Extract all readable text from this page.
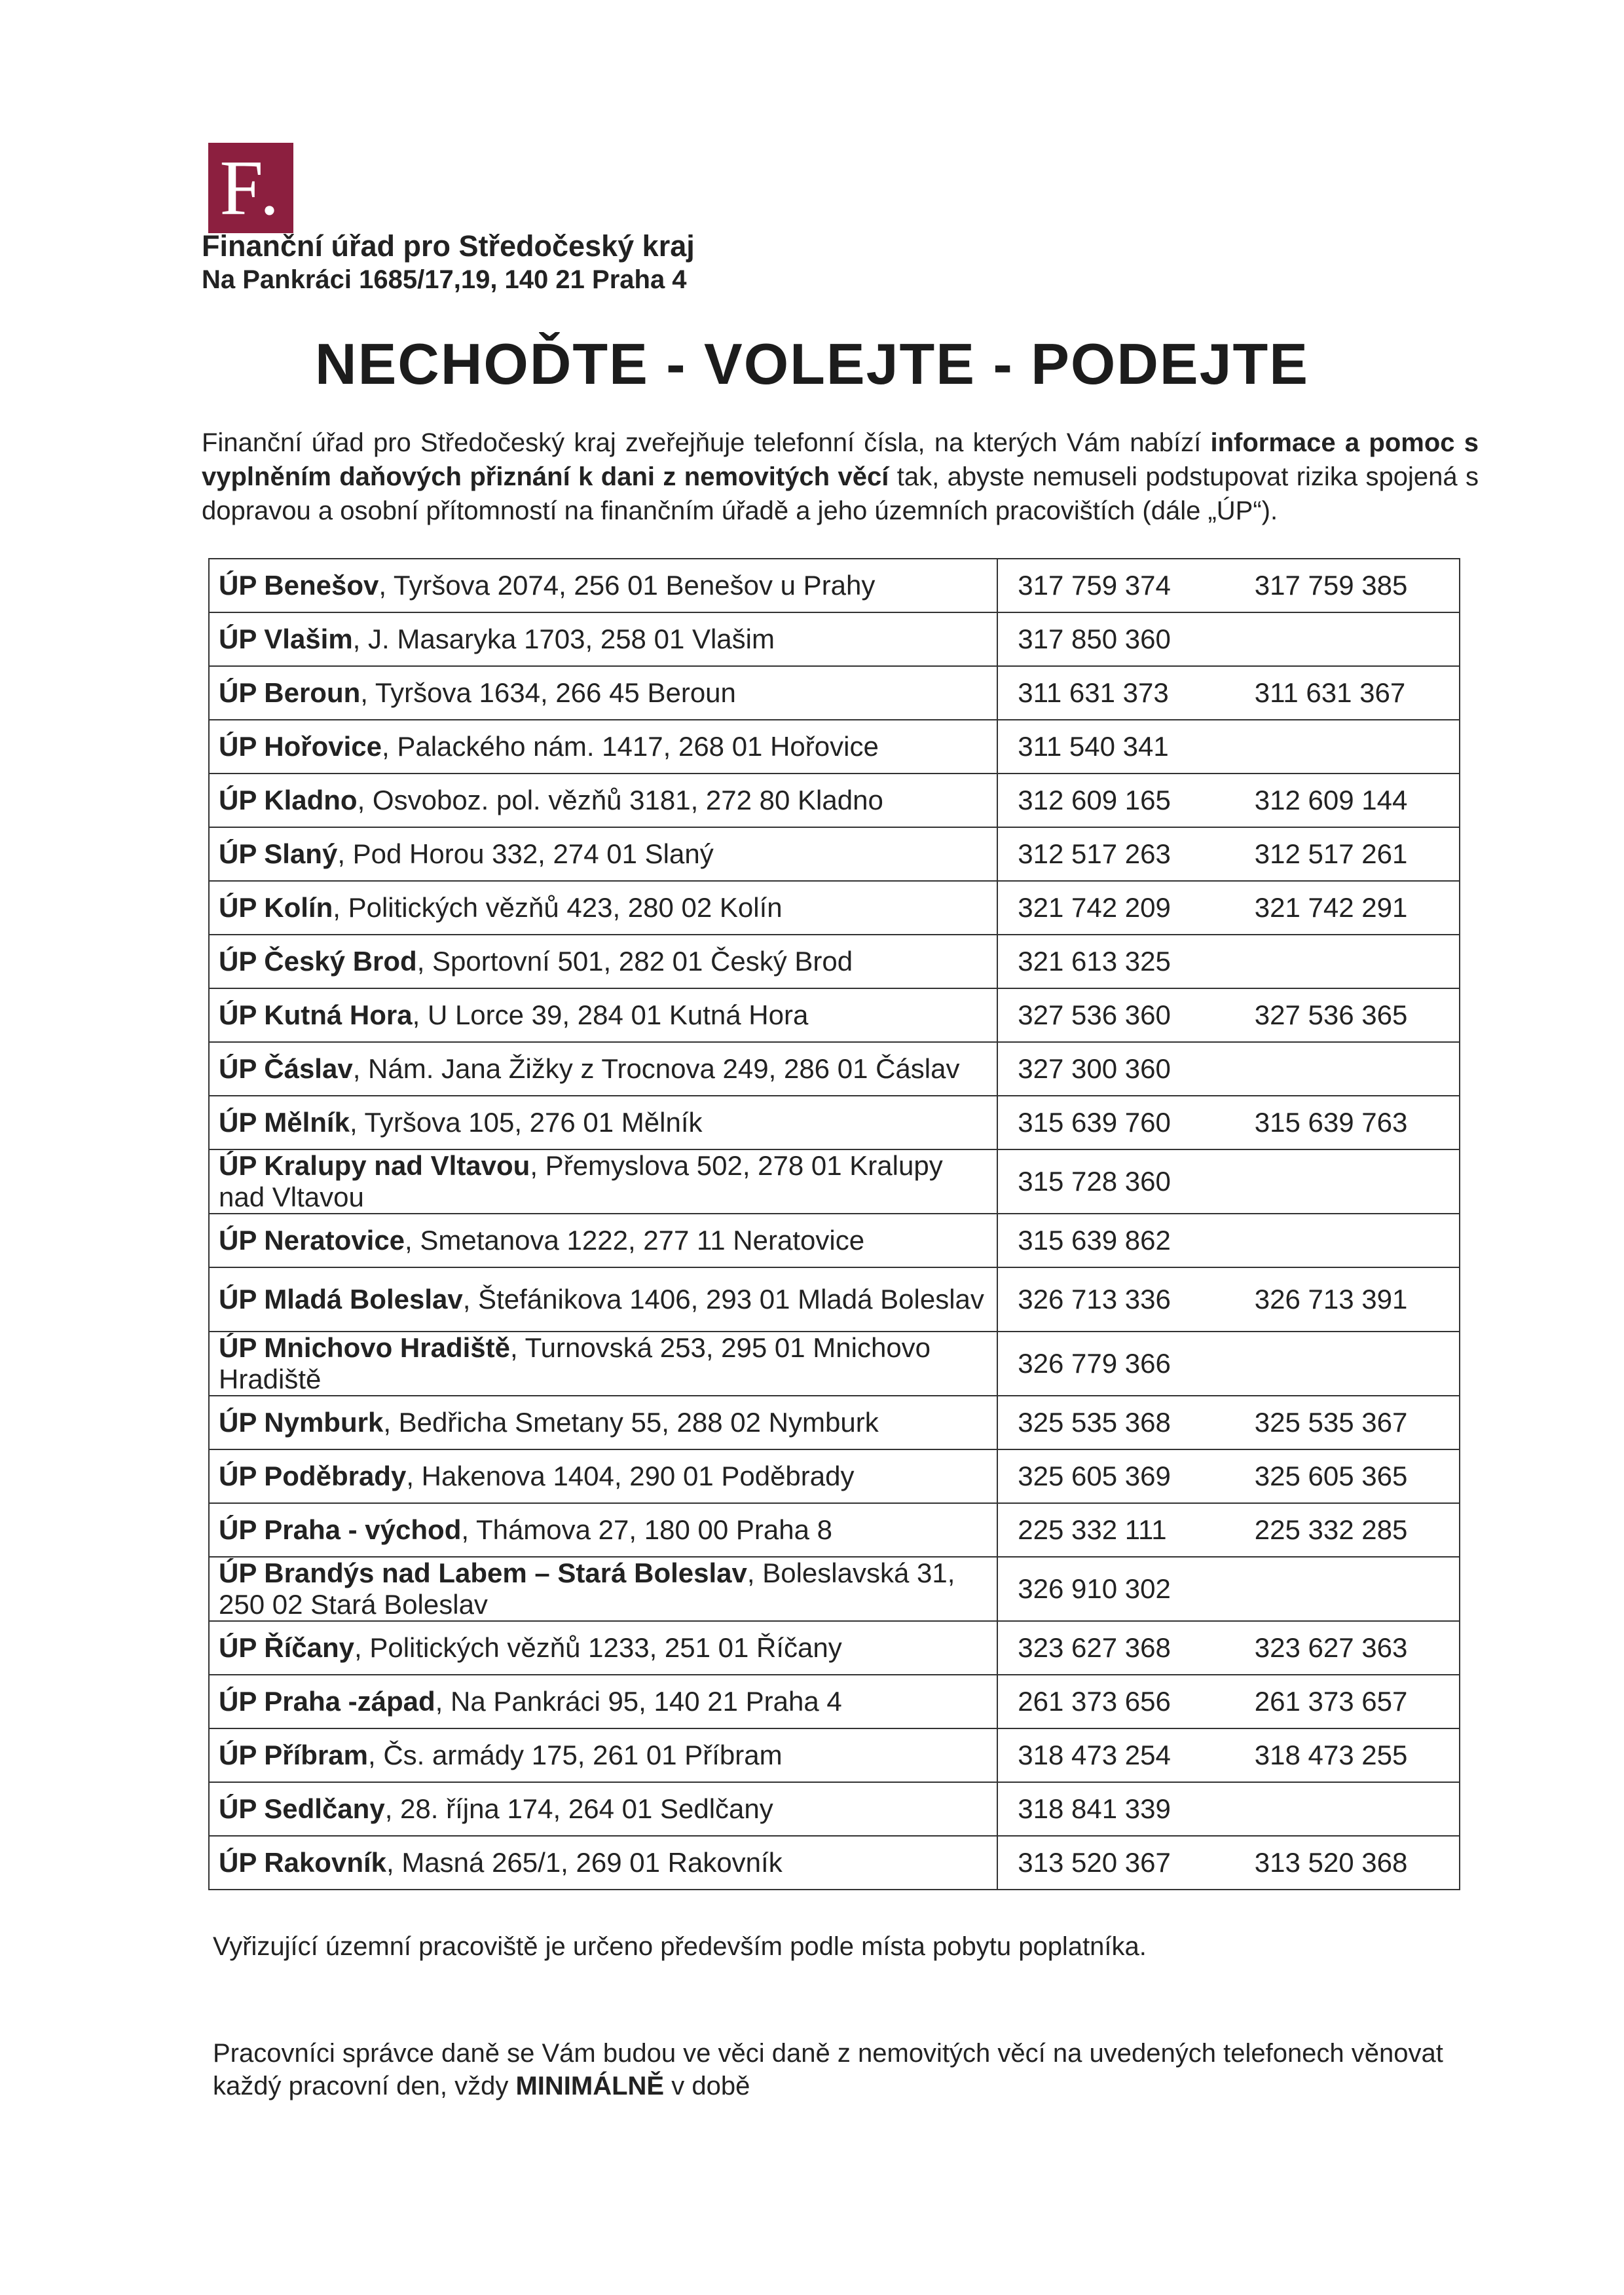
F.
Finanční úřad pro Středočeský kraj
Na Pankráci 1685/17,19, 140 21 Praha 4
NECHOĎTE - VOLEJTE - PODEJTE
Finanční úřad pro Středočeský kraj zveřejňuje telefonní čísla, na kterých Vám nabízí informace a pomoc s vyplněním daňových přiznání k dani z nemovitých věcí tak, abyste nemuseli podstupovat rizika spojená s dopravou a osobní přítomností na finančním úřadě a jeho územních pracovištích (dále „ÚP“).
ÚP Benešov, Tyršova 2074, 256 01 Benešov u Prahy	317 759 374	317 759 385
ÚP Vlašim, J. Masaryka 1703, 258 01 Vlašim	317 850 360	
ÚP Beroun, Tyršova 1634, 266 45 Beroun	311 631 373	311 631 367
ÚP Hořovice, Palackého nám. 1417, 268 01 Hořovice	311 540 341	
ÚP Kladno, Osvoboz. pol. vězňů 3181, 272 80 Kladno	312 609 165	312 609 144
ÚP Slaný, Pod Horou 332, 274 01 Slaný	312 517 263	312 517 261
ÚP Kolín, Politických vězňů 423, 280 02 Kolín	321 742 209	321 742 291
ÚP Český Brod, Sportovní 501, 282 01 Český Brod	321 613 325	
ÚP Kutná Hora, U Lorce 39, 284 01 Kutná Hora	327 536 360	327 536 365
ÚP Čáslav, Nám. Jana Žižky z Trocnova 249, 286 01 Čáslav	327 300 360	
ÚP Mělník, Tyršova 105, 276 01 Mělník	315 639 760	315 639 763
ÚP Kralupy nad Vltavou, Přemyslova 502, 278 01 Kralupy nad Vltavou	315 728 360	
ÚP Neratovice, Smetanova 1222, 277 11 Neratovice	315 639 862	
ÚP Mladá Boleslav, Štefánikova 1406, 293 01 Mladá Boleslav	326 713 336	326 713 391
ÚP Mnichovo Hradiště, Turnovská 253, 295 01 Mnichovo Hradiště	326 779 366	
ÚP Nymburk, Bedřicha Smetany 55, 288 02 Nymburk	325 535 368	325 535 367
ÚP Poděbrady, Hakenova 1404, 290 01 Poděbrady	325 605 369	325 605 365
ÚP Praha - východ, Thámova 27, 180 00 Praha 8	225 332 111	225 332 285
ÚP Brandýs nad Labem – Stará Boleslav, Boleslavská 31, 250 02 Stará Boleslav	326 910 302	
ÚP Říčany, Politických vězňů 1233, 251 01 Říčany	323 627 368	323 627 363
ÚP Praha -západ, Na Pankráci 95, 140 21 Praha 4	261 373 656	261 373 657
ÚP Příbram, Čs. armády 175, 261 01 Příbram	318 473 254	318 473 255
ÚP Sedlčany, 28. října 174, 264 01 Sedlčany	318 841 339	
ÚP Rakovník, Masná 265/1, 269 01 Rakovník	313 520 367	313 520 368
Vyřizující územní pracoviště je určeno především podle místa pobytu poplatníka.
Pracovníci správce daně se Vám budou ve věci daně z nemovitých věcí na uvedených telefonech věnovat každý pracovní den, vždy MINIMÁLNĚ v době
